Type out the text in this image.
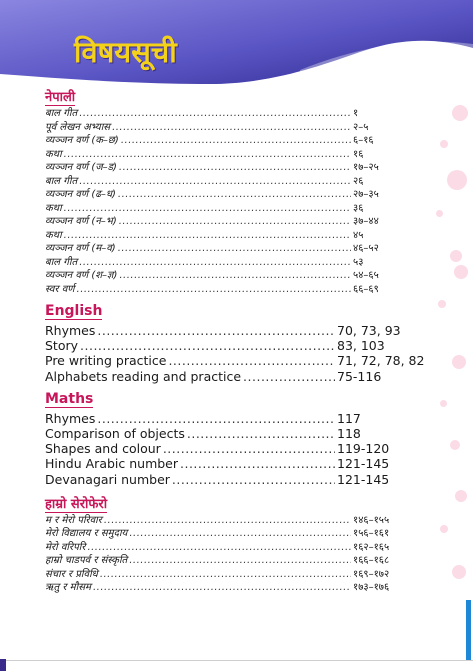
विषयसूची
नेपाली
बाल गीत .....	१
पूर्व लेखन अभ्यास .....	२–५
व्यञ्जन वर्ण (क–छ) .....	६–१६
कथा .....	१६
व्यञ्जन वर्ण (ज–ड) .....	१७–२५
बाल गीत .....	२६
व्यञ्जन वर्ण (ढ–ध) .....	२७–३५
कथा .....	३६
व्यञ्जन वर्ण (न–भ) .....	३७–४४
कथा .....	४५
व्यञ्जन वर्ण (म–व) .....	४६–५२
बाल गीत .....	५३
व्यञ्जन वर्ण (श–ज्ञ) .....	५४–६५
स्वर वर्ण .....	६६–६९
English
Rhymes .....	70, 73, 93
Story .....	83, 103
Pre writing practice .....	71, 72, 78, 82
Alphabets reading and practice .....	75-116
Maths
Rhymes .....	117
Comparison of objects .....	118
Shapes and colour .....	119-120
Hindu Arabic number .....	121-145
Devanagari number .....	121-145
हाम्रो सेरोफेरो
म र मेरो परिवार .....	१४६–१५५
मेरो विद्यालय र समुदाय .....	१५६–१६१
मेरो वरिपरि .....	१६२–१६५
हाम्रो चाडपर्व र संस्कृति .....	१६६–१६८
संचार र प्रविधि .....	१६९–१७२
ऋतु र मौसम .....	१७३–१७६
